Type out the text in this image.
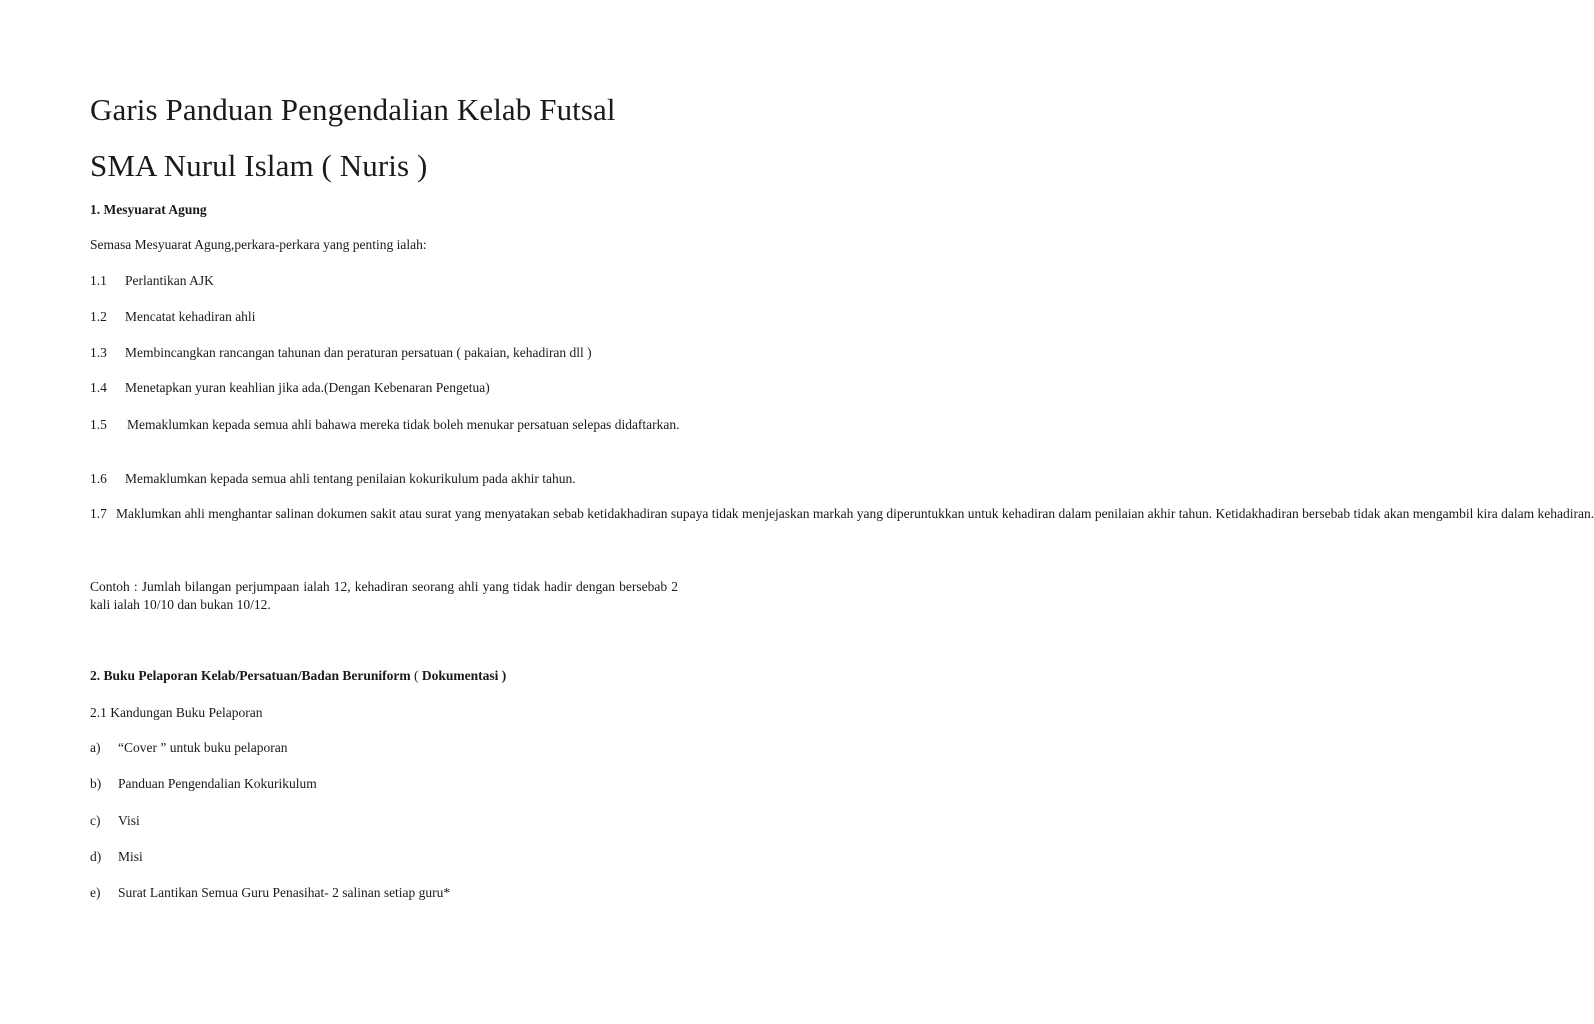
Garis Panduan Pengendalian Kelab Futsal
SMA Nurul Islam ( Nuris )
1. Mesyuarat Agung
Semasa Mesyuarat Agung,perkara-perkara yang penting ialah:
1.1 Perlantikan AJK
1.2 Mencatat kehadiran ahli
1.3 Membincangkan rancangan tahunan dan peraturan persatuan ( pakaian, kehadiran dll )
1.4 Menetapkan yuran keahlian jika ada.(Dengan Kebenaran Pengetua)
1.5 Memaklumkan kepada semua ahli bahawa mereka tidak boleh menukar persatuan selepas didaftarkan.
1.6 Memaklumkan kepada semua ahli tentang penilaian kokurikulum pada akhir tahun.
1.7 Maklumkan ahli menghantar salinan dokumen sakit atau surat yang menyatakan sebab ketidakhadiran supaya tidak menjejaskan markah yang diperuntukkan untuk kehadiran dalam penilaian akhir tahun. Ketidakhadiran bersebab tidak akan mengambil kira dalam kehadiran.
Contoh : Jumlah bilangan perjumpaan ialah 12, kehadiran seorang ahli yang tidak hadir dengan bersebab 2 kali ialah 10/10 dan bukan 10/12.
2. Buku Pelaporan Kelab/Persatuan/Badan Beruniform ( Dokumentasi )
2.1 Kandungan Buku Pelaporan
a) “Cover ” untuk buku pelaporan
b) Panduan Pengendalian Kokurikulum
c) Visi
d) Misi
e) Surat Lantikan Semua Guru Penasihat- 2 salinan setiap guru*
